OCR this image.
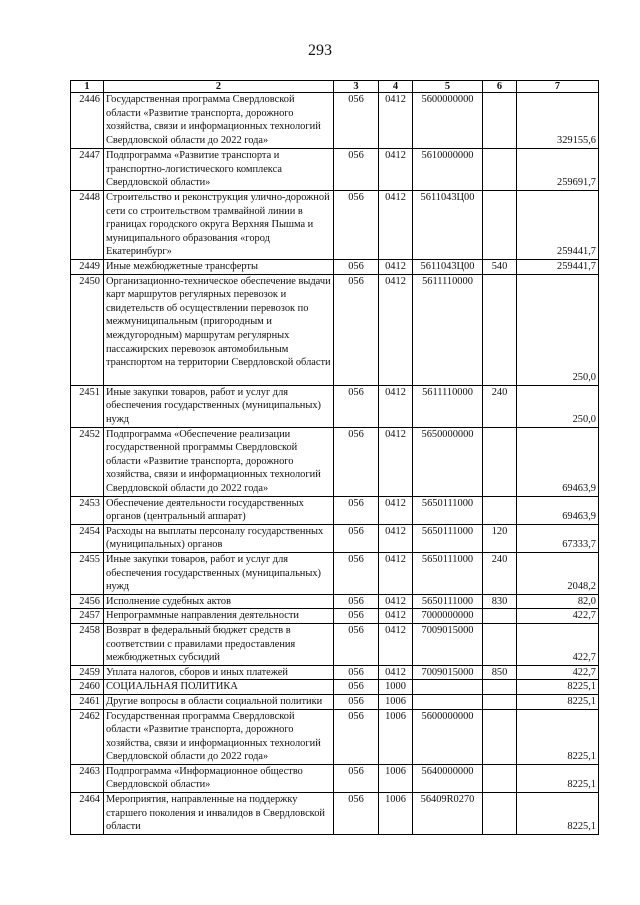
293
1	2	3	4	5	6	7
2446	Государственная программа Свердловской области «Развитие транспорта, дорожного хозяйства, связи и информационных технологий Свердловской области до 2022 года»	056	0412	5600000000		329155,6
2447	Подпрограмма «Развитие транспорта и транспортно-логистического комплекса Свердловской области»	056	0412	5610000000		259691,7
2448	Строительство и реконструкция улично-дорожной сети со строительством трамвайной линии в границах городского округа Верхняя Пышма и муниципального образования «город Екатеринбург»	056	0412	5611043Ц00		259441,7
2449	Иные межбюджетные трансферты	056	0412	5611043Ц00	540	259441,7
2450	Организационно-техническое обеспечение выдачи карт маршрутов регулярных перевозок и свидетельств об осуществлении перевозок по межмуниципальным (пригородным и междугородным) маршрутам регулярных пассажирских перевозок автомобильным транспортом на территории Свердловской области	056	0412	5611110000		250,0
2451	Иные закупки товаров, работ и услуг для обеспечения государственных (муниципальных) нужд	056	0412	5611110000	240	250,0
2452	Подпрограмма «Обеспечение реализации государственной программы Свердловской области «Развитие транспорта, дорожного хозяйства, связи и информационных технологий Свердловской области до 2022 года»	056	0412	5650000000		69463,9
2453	Обеспечение деятельности государственных органов (центральный аппарат)	056	0412	5650111000		69463,9
2454	Расходы на выплаты персоналу государственных (муниципальных) органов	056	0412	5650111000	120	67333,7
2455	Иные закупки товаров, работ и услуг для обеспечения государственных (муниципальных) нужд	056	0412	5650111000	240	2048,2
2456	Исполнение судебных актов	056	0412	5650111000	830	82,0
2457	Непрограммные направления деятельности	056	0412	7000000000		422,7
2458	Возврат в федеральный бюджет средств в соответствии с правилами предоставления межбюджетных субсидий	056	0412	7009015000		422,7
2459	Уплата налогов, сборов и иных платежей	056	0412	7009015000	850	422,7
2460	СОЦИАЛЬНАЯ ПОЛИТИКА	056	1000			8225,1
2461	Другие вопросы в области социальной политики	056	1006			8225,1
2462	Государственная программа Свердловской области «Развитие транспорта, дорожного хозяйства, связи и информационных технологий Свердловской области до 2022 года»	056	1006	5600000000		8225,1
2463	Подпрограмма «Информационное общество Свердловской области»	056	1006	5640000000		8225,1
2464	Мероприятия, направленные на поддержку старшего поколения и инвалидов в Свердловской области	056	1006	56409R0270		8225,1
